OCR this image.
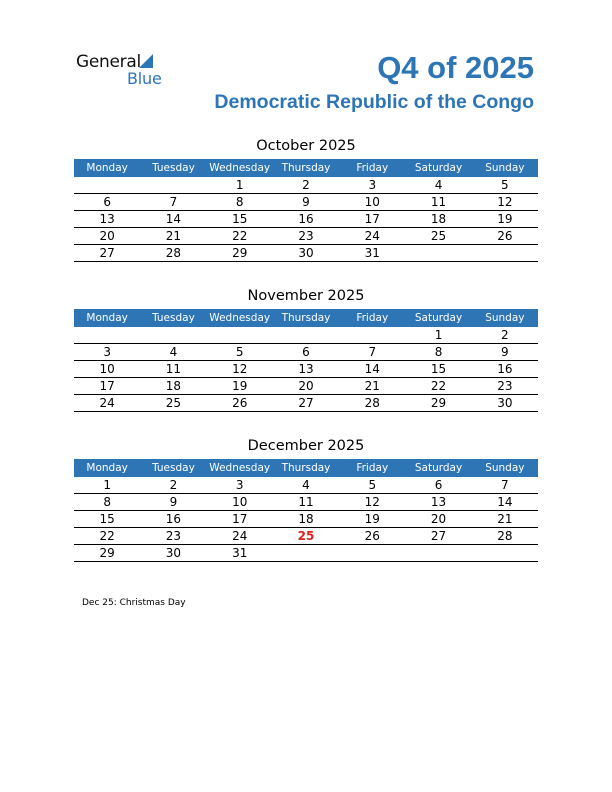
General
Blue	Q4 of 2025
Democratic Republic of the Congo
October 2025
Monday	Tuesday	Wednesday	Thursday	Friday	Saturday	Sunday
		1	2	3	4	5
6	7	8	9	10	11	12
13	14	15	16	17	18	19
20	21	22	23	24	25	26
27	28	29	30	31		
November 2025
Monday	Tuesday	Wednesday	Thursday	Friday	Saturday	Sunday
					1	2
3	4	5	6	7	8	9
10	11	12	13	14	15	16
17	18	19	20	21	22	23
24	25	26	27	28	29	30
December 2025
Monday	Tuesday	Wednesday	Thursday	Friday	Saturday	Sunday
1	2	3	4	5	6	7
8	9	10	11	12	13	14
15	16	17	18	19	20	21
22	23	24	25	26	27	28
29	30	31				
Dec 25: Christmas Day
